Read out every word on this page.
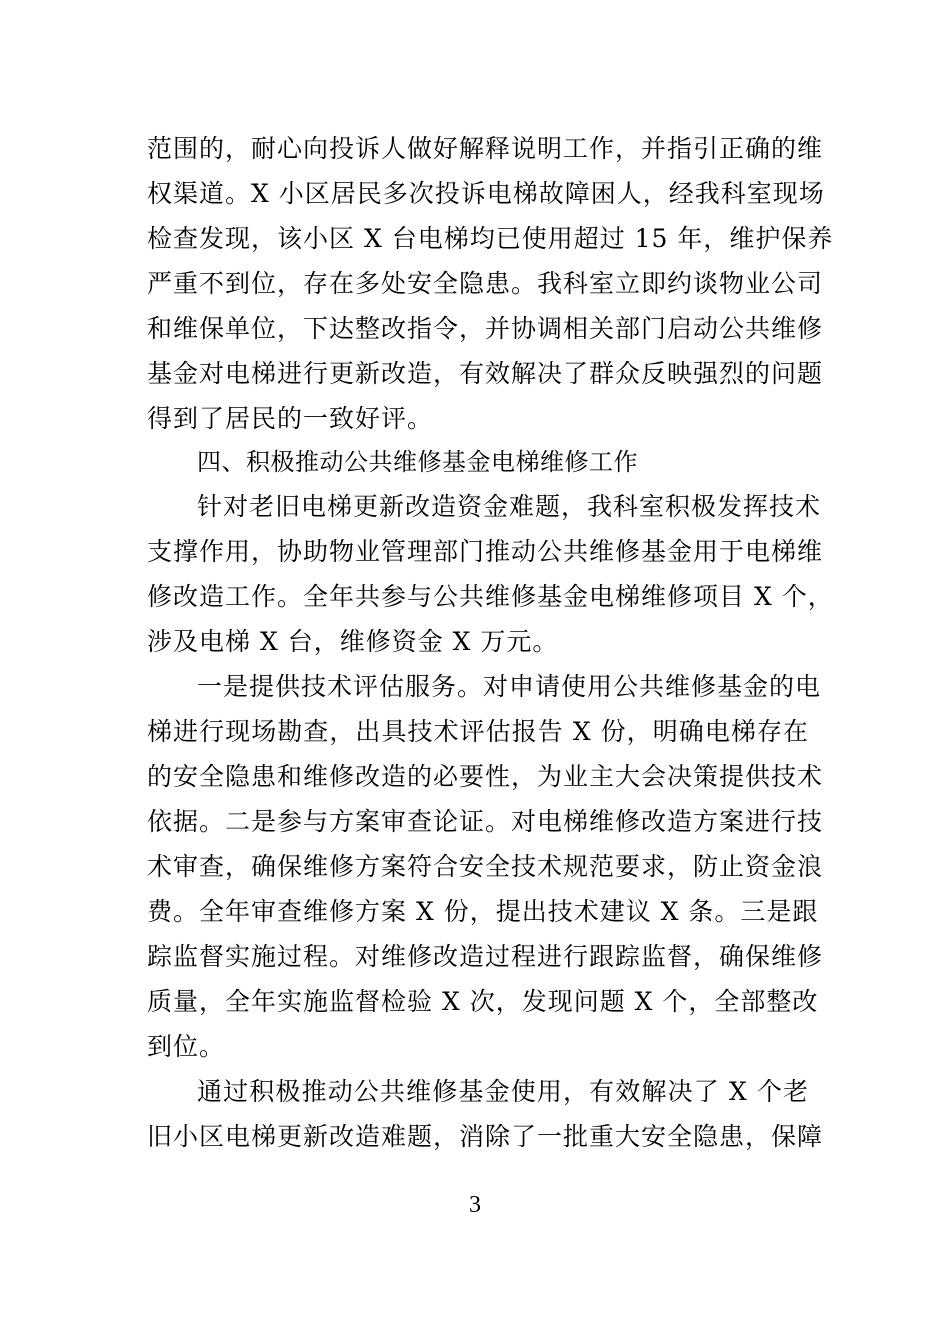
范围的，耐心向投诉人做好解释说明工作，并指引正确的维
权渠道。X 小区居民多次投诉电梯故障困人，经我科室现场
检查发现，该小区 X 台电梯均已使用超过 15 年，维护保养
严重不到位，存在多处安全隐患。我科室立即约谈物业公司
和维保单位，下达整改指令，并协调相关部门启动公共维修
基金对电梯进行更新改造，有效解决了群众反映强烈的问题
得到了居民的一致好评。
四、积极推动公共维修基金电梯维修工作
针对老旧电梯更新改造资金难题，我科室积极发挥技术
支撑作用，协助物业管理部门推动公共维修基金用于电梯维
修改造工作。全年共参与公共维修基金电梯维修项目 X 个，
涉及电梯 X 台，维修资金 X 万元。
一是提供技术评估服务。对申请使用公共维修基金的电
梯进行现场勘查，出具技术评估报告 X 份，明确电梯存在
的安全隐患和维修改造的必要性，为业主大会决策提供技术
依据。二是参与方案审查论证。对电梯维修改造方案进行技
术审查，确保维修方案符合安全技术规范要求，防止资金浪
费。全年审查维修方案 X 份，提出技术建议 X 条。三是跟
踪监督实施过程。对维修改造过程进行跟踪监督，确保维修
质量，全年实施监督检验 X 次，发现问题 X 个，全部整改
到位。
通过积极推动公共维修基金使用，有效解决了 X 个老
旧小区电梯更新改造难题，消除了一批重大安全隐患，保障
3
